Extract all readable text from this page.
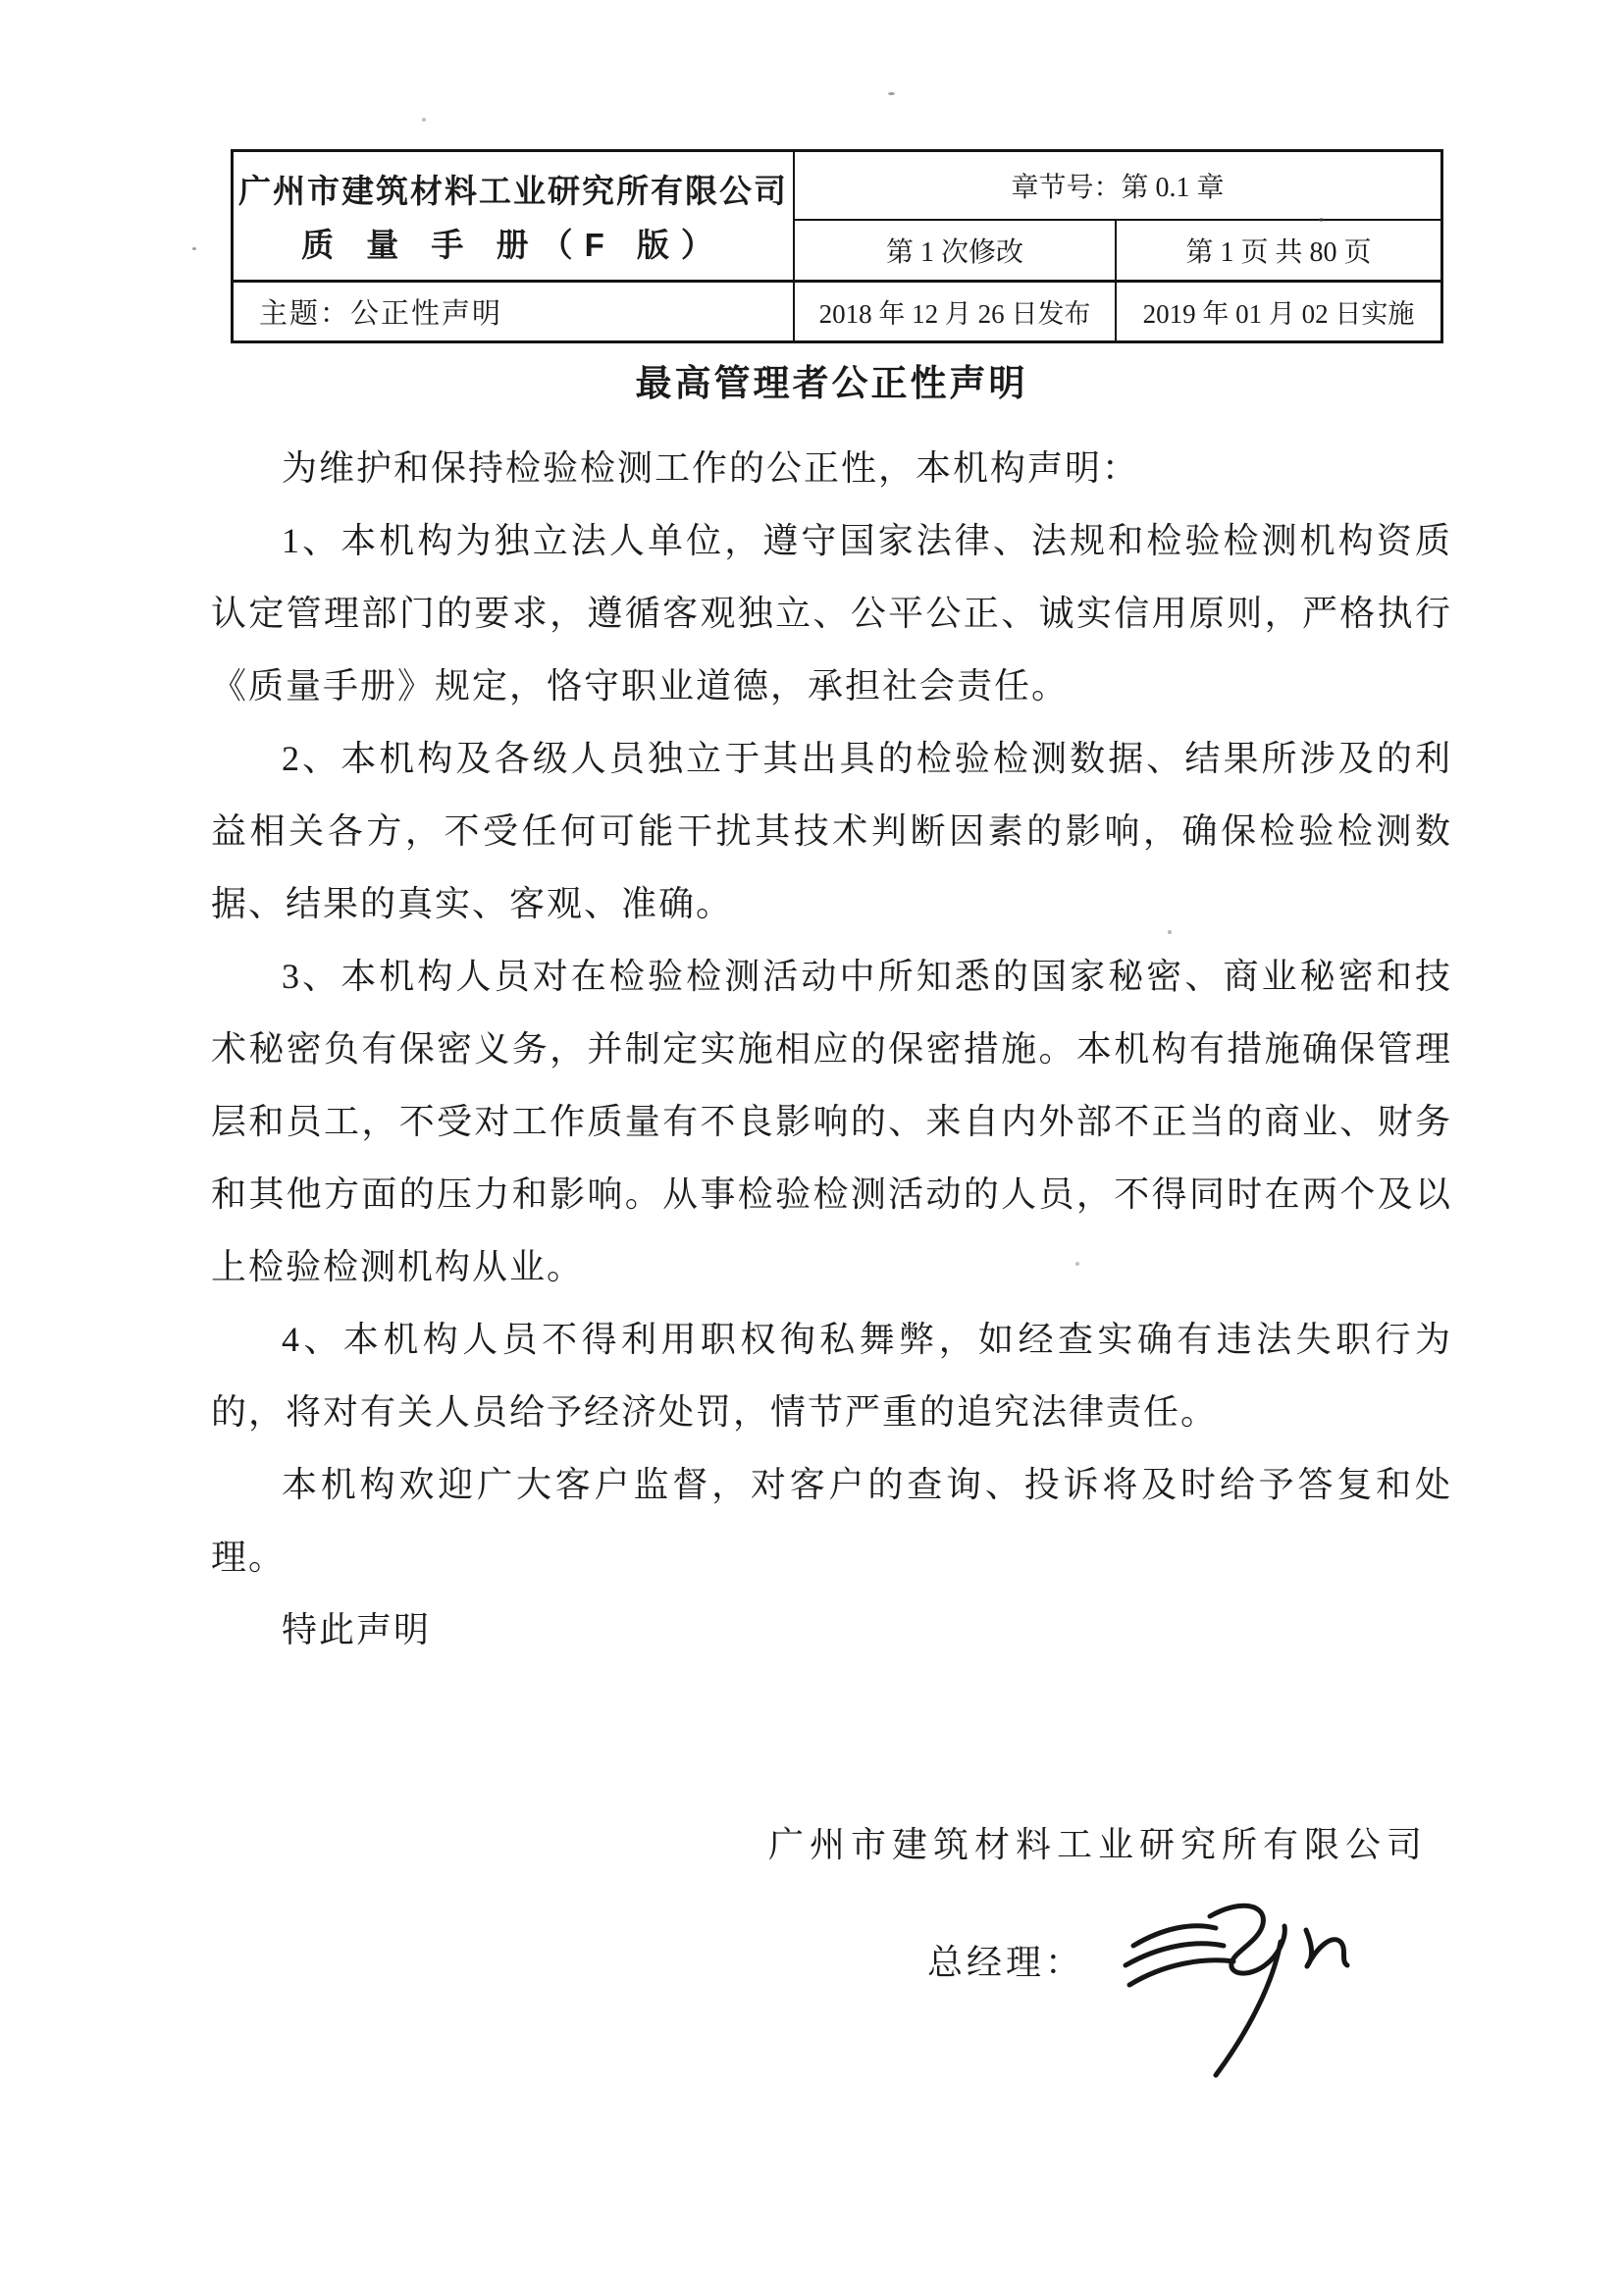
广州市建筑材料工业研究所有限公司
质 量 手 册（F 版）
章节号：第 0.1 章
第 1 次修改	第 1 页 共 80 页
主题：公正性声明	2018 年 12 月 26 日发布	2019 年 01 月 02 日实施
最高管理者公正性声明

为维护和保持检验检测工作的公正性，本机构声明：

1、本机构为独立法人单位，遵守国家法律、法规和检验检测机构资质认定管理部门的要求，遵循客观独立、公平公正、诚实信用原则，严格执行《质量手册》规定，恪守职业道德，承担社会责任。

2、本机构及各级人员独立于其出具的检验检测数据、结果所涉及的利益相关各方，不受任何可能干扰其技术判断因素的影响，确保检验检测数据、结果的真实、客观、准确。

3、本机构人员对在检验检测活动中所知悉的国家秘密、商业秘密和技术秘密负有保密义务，并制定实施相应的保密措施。本机构有措施确保管理层和员工，不受对工作质量有不良影响的、来自内外部不正当的商业、财务和其他方面的压力和影响。从事检验检测活动的人员，不得同时在两个及以上检验检测机构从业。

4、本机构人员不得利用职权徇私舞弊，如经查实确有违法失职行为的，将对有关人员给予经济处罚，情节严重的追究法律责任。

本机构欢迎广大客户监督，对客户的查询、投诉将及时给予答复和处理。

特此声明

广州市建筑材料工业研究所有限公司
总经理：
